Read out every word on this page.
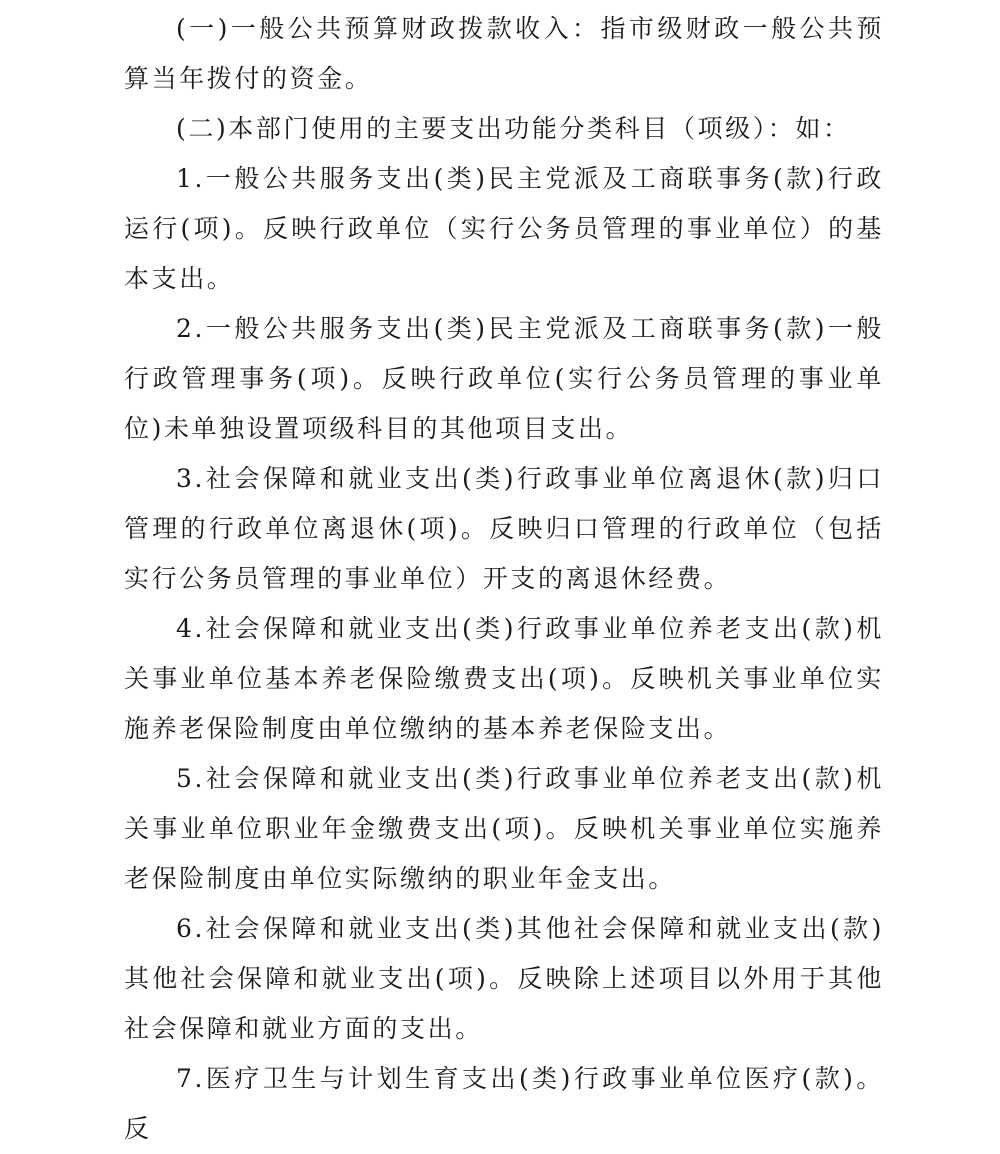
(一)一般公共预算财政拨款收入：指市级财政一般公共预算当年拨付的资金。

(二)本部门使用的主要支出功能分类科目（项级）：如：

1.一般公共服务支出(类)民主党派及工商联事务(款)行政运行(项)。反映行政单位（实行公务员管理的事业单位）的基本支出。

2.一般公共服务支出(类)民主党派及工商联事务(款)一般行政管理事务(项)。反映行政单位(实行公务员管理的事业单位)未单独设置项级科目的其他项目支出。

3.社会保障和就业支出(类)行政事业单位离退休(款)归口管理的行政单位离退休(项)。反映归口管理的行政单位（包括实行公务员管理的事业单位）开支的离退休经费。

4.社会保障和就业支出(类)行政事业单位养老支出(款)机关事业单位基本养老保险缴费支出(项)。反映机关事业单位实施养老保险制度由单位缴纳的基本养老保险支出。

5.社会保障和就业支出(类)行政事业单位养老支出(款)机关事业单位职业年金缴费支出(项)。反映机关事业单位实施养老保险制度由单位实际缴纳的职业年金支出。

6.社会保障和就业支出(类)其他社会保障和就业支出(款)其他社会保障和就业支出(项)。反映除上述项目以外用于其他社会保障和就业方面的支出。

7.医疗卫生与计划生育支出(类)行政事业单位医疗(款)。反
